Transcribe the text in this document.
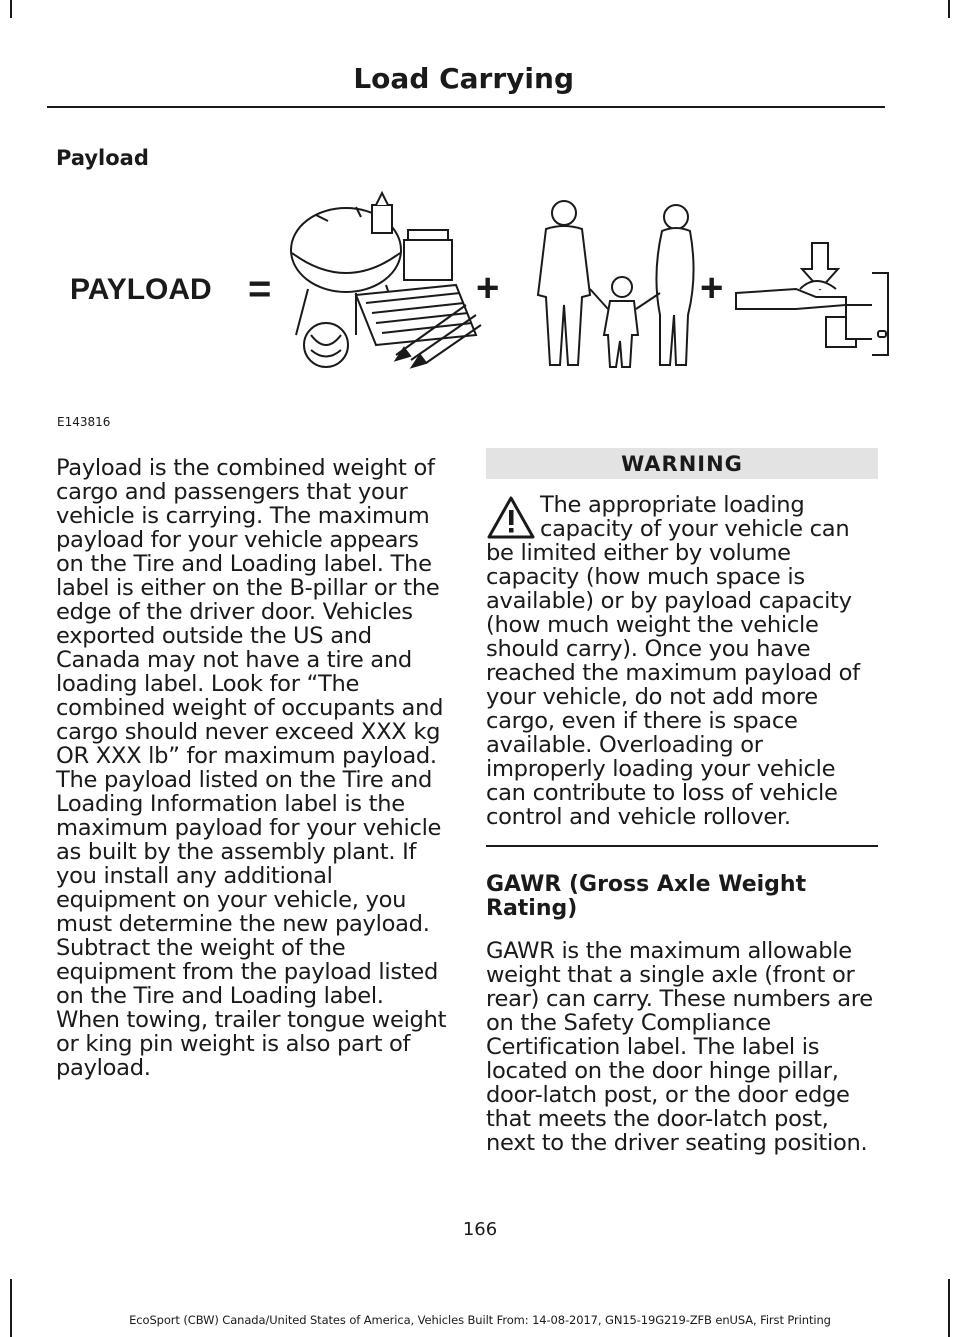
Load Carrying
Payload
PAYLOAD =	+	+
E143816
Payload is the combined weight of cargo and passengers that your vehicle is carrying. The maximum payload for your vehicle appears on the Tire and Loading label. The label is either on the B-pillar or the edge of the driver door. Vehicles exported outside the US and Canada may not have a tire and loading label. Look for “The combined weight of occupants and cargo should never exceed XXX kg OR XXX lb” for maximum payload. The payload listed on the Tire and Loading Information label is the maximum payload for your vehicle as built by the assembly plant. If you install any additional equipment on your vehicle, you must determine the new payload. Subtract the weight of the equipment from the payload listed on the Tire and Loading label. When towing, trailer tongue weight or king pin weight is also part of payload.
WARNING
The appropriate loading capacity of your vehicle can be limited either by volume capacity (how much space is available) or by payload capacity (how much weight the vehicle should carry). Once you have reached the maximum payload of your vehicle, do not add more cargo, even if there is space available. Overloading or improperly loading your vehicle can contribute to loss of vehicle control and vehicle rollover.
GAWR (Gross Axle Weight Rating)
GAWR is the maximum allowable weight that a single axle (front or rear) can carry. These numbers are on the Safety Compliance Certification label. The label is located on the door hinge pillar, door-latch post, or the door edge that meets the door-latch post, next to the driver seating position.
166
EcoSport (CBW) Canada/United States of America, Vehicles Built From: 14-08-2017, GN15-19G219-ZFB enUSA, First Printing
